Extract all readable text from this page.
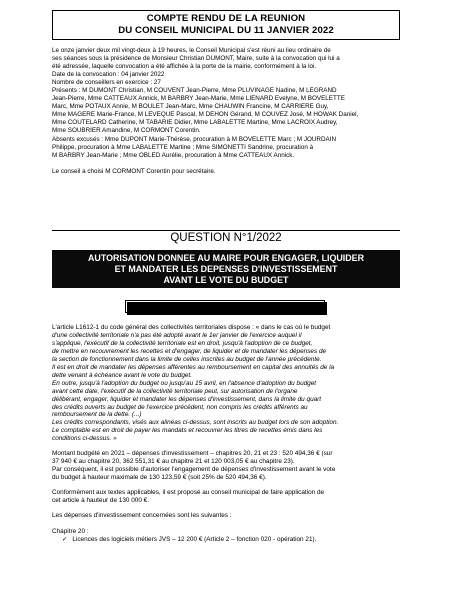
COMPTE RENDU DE LA REUNION
DU CONSEIL MUNICIPAL DU 11 JANVIER 2022

Le onze janvier deux mil vingt-deux à 19 heures, le Conseil Municipal s'est réuni au lieu ordinaire de

ses séances sous la présidence de Monsieur Christian DUMONT, Maire, suite à la convocation qui lui a

été adressée, laquelle convocation a été affichée à la porte de la mairie, conformément à la loi.

Date de la convocation : 04 janvier 2022

Nombre de conseillers en exercice : 27

Présents : M DUMONT Christian, M COUVENT Jean-Pierre, Mme PLUVINAGE Nadine, M LEGRAND

Jean-Pierre, Mme CATTEAUX Annick, M BARBRY Jean-Marie, Mme LIENARD Evelyne, M BOVELETTE

Marc, Mme POTAUX Annie, M BOULET Jean-Marc, Mme CHAUWIN Francine, M CARRIERE Guy,

Mme MAGERE Marie-France, M LEVEQUE Pascal, M DEHON Gérand, M COUVEZ José, M HOWAK Daniel,

Mme COUTELARD Catherine, M TABARIE Didier, Mme LABALETTE Martine, Mme LACROIX Audrey,

Mme SOUBRIER Amandine, M CORMONT Corentin.

Absents excusés : Mme DUPONT Marie-Thérèse, procuration à M BOVELETTE Marc ; M JOURDAIN

Philippe, procuration à Mme LABALETTE Martine ; Mme SIMONETTI Sandrine, procuration à

M BARBRY Jean-Marie ; Mme OBLED Aurélie, procuration à Mme CATTEAUX Annick.

Le conseil a choisi M CORMONT Corentin pour secrétaire.

QUESTION N°1/2022
AUTORISATION DONNEE AU MAIRE POUR ENGAGER, LIQUIDER
ET MANDATER LES DEPENSES D'INVESTISSEMENT
AVANT LE VOTE DU BUDGET
Rapporteur : Monsieur Jean-Pierre COUVENT

L'article L1612-1 du code général des collectivités territoriales dispose : « dans le cas où le budget

d'une collectivité territoriale n'a pas été adopté avant le 1er janvier de l'exercice auquel il

s'applique, l'exécutif de la collectivité territoriale est en droit, jusqu'à l'adoption de ce budget,

de mettre en recouvrement les recettes et d'engager, de liquider et de mandater les dépenses de

la section de fonctionnement dans la limite de celles inscrites au budget de l'année précédente.

Il est en droit de mandater les dépenses afférentes au remboursement en capital des annuités de la

dette venant à échéance avant le vote du budget.

En outre, jusqu'à l'adoption du budget ou jusqu'au 15 avril, en l'absence d'adoption du budget

avant cette date, l'exécutif de la collectivité territoriale peut, sur autorisation de l'organe

délibérant, engager, liquider et mandater les dépenses d'investissement, dans la limite du quart

des crédits ouverts au budget de l'exercice précédent, non compris les crédits afférents au

remboursement de la dette. (...)

Les crédits correspondants, visés aux alinéas ci-dessus, sont inscrits au budget lors de son adoption.

Le comptable est en droit de payer les mandats et recouvrer les titres de recettes émis dans les

conditions ci-dessus. »

Montant budgété en 2021 – dépenses d'investissement – chapitres 20, 21 et 23 : 520 494,36 € (sur

37 940 € au chapitre 20, 362 551,31 € au chapitre 21 et 120 003,05 € au chapitre 23).

Par conséquent, il est possible d'autoriser l'engagement de dépenses d'investissement avant le vote

du budget à hauteur maximale de 130 123,59 € (soit 25% de 520 494,36 €).

Conformément aux textes applicables, il est proposé au conseil municipal de faire application de

cet article à hauteur de 130 000 €.

Les dépenses d'investissement concernées sont les suivantes :

Chapitre 20 :

✓ Licences des logiciels métiers JVS – 12 200 € (Article 2 – fonction 020 - opération 21).
